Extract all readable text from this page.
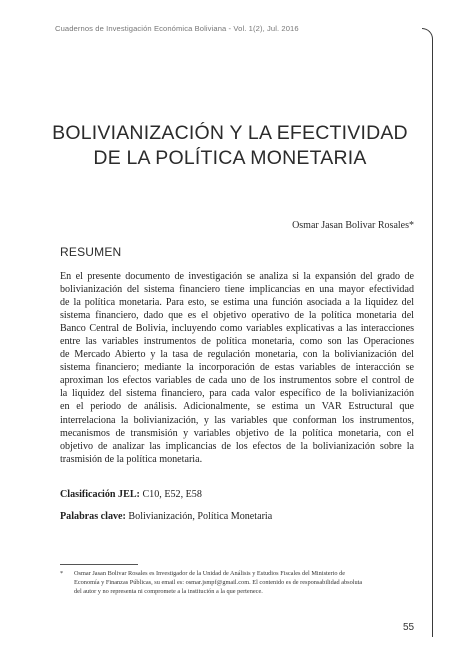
Cuadernos de Investigación Económica Boliviana - Vol. 1(2), Jul. 2016
BOLIVIANIZACIÓN Y LA EFECTIVIDAD
DE LA POLÍTICA MONETARIA
Osmar Jasan Bolivar Rosales*
RESUMEN
En el presente documento de investigación se analiza si la expansión del grado de
bolivianización del sistema financiero tiene implicancias en una mayor efectividad
de la política monetaria. Para esto, se estima una función asociada a la liquidez del
sistema financiero, dado que es el objetivo operativo de la política monetaria del
Banco Central de Bolivia, incluyendo como variables explicativas a las interacciones
entre las variables instrumentos de política monetaria, como son las Operaciones
de Mercado Abierto y la tasa de regulación monetaria, con la bolivianización del
sistema financiero; mediante la incorporación de estas variables de interacción se
aproximan los efectos variables de cada uno de los instrumentos sobre el control de
la liquidez del sistema financiero, para cada valor específico de la bolivianización
en el periodo de análisis. Adicionalmente, se estima un VAR Estructural que
interrelaciona la bolivianización, y las variables que conforman los instrumentos,
mecanismos de transmisión y variables objetivo de la política monetaria, con el
objetivo de analizar las implicancias de los efectos de la bolivianización sobre la
trasmisión de la política monetaria.
Clasificación JEL: C10, E52, E58
Palabras clave: Bolivianización, Política Monetaria
* Osmar Jasan Bolivar Rosales es Investigador de la Unidad de Análisis y Estudios Fiscales del Ministerio de
Economía y Finanzas Públicas, su email es: osmar.jsmpf@gmail.com. El contenido es de responsabilidad absoluta
del autor y no representa ni compromete a la institución a la que pertenece.
55
